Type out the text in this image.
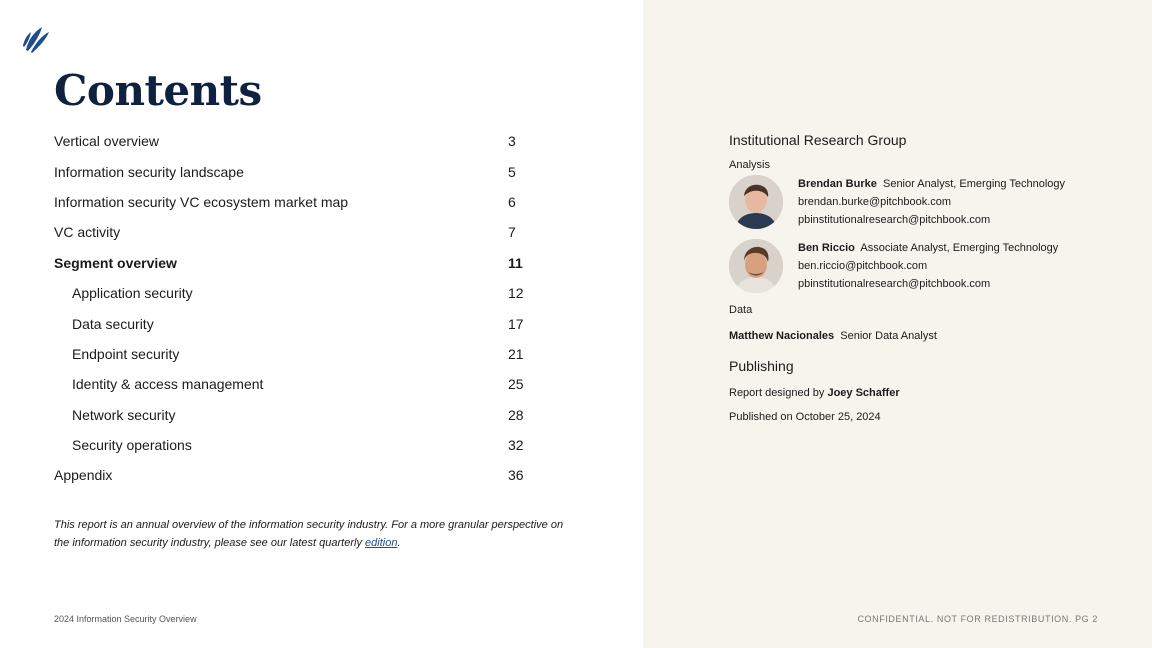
Contents
Vertical overview	3
Information security landscape	5
Information security VC ecosystem market map	6
VC activity	7
Segment overview	11
Application security	12
Data security	17
Endpoint security	21
Identity & access management	25
Network security	28
Security operations	32
Appendix	36

This report is an annual overview of the information security industry. For a more granular perspective on the information security industry, please see our latest quarterly edition.

2024 Information Security Overview	CONFIDENTIAL. NOT FOR REDISTRIBUTION. PG 2
Institutional Research Group
Analysis
Brendan Burke Senior Analyst, Emerging Technology
brendan.burke@pitchbook.com
pbinstitutionalresearch@pitchbook.com
Ben Riccio Associate Analyst, Emerging Technology
ben.riccio@pitchbook.com
pbinstitutionalresearch@pitchbook.com
Data
Matthew Nacionales Senior Data Analyst
Publishing
Report designed by Joey Schaffer
Published on October 25, 2024
